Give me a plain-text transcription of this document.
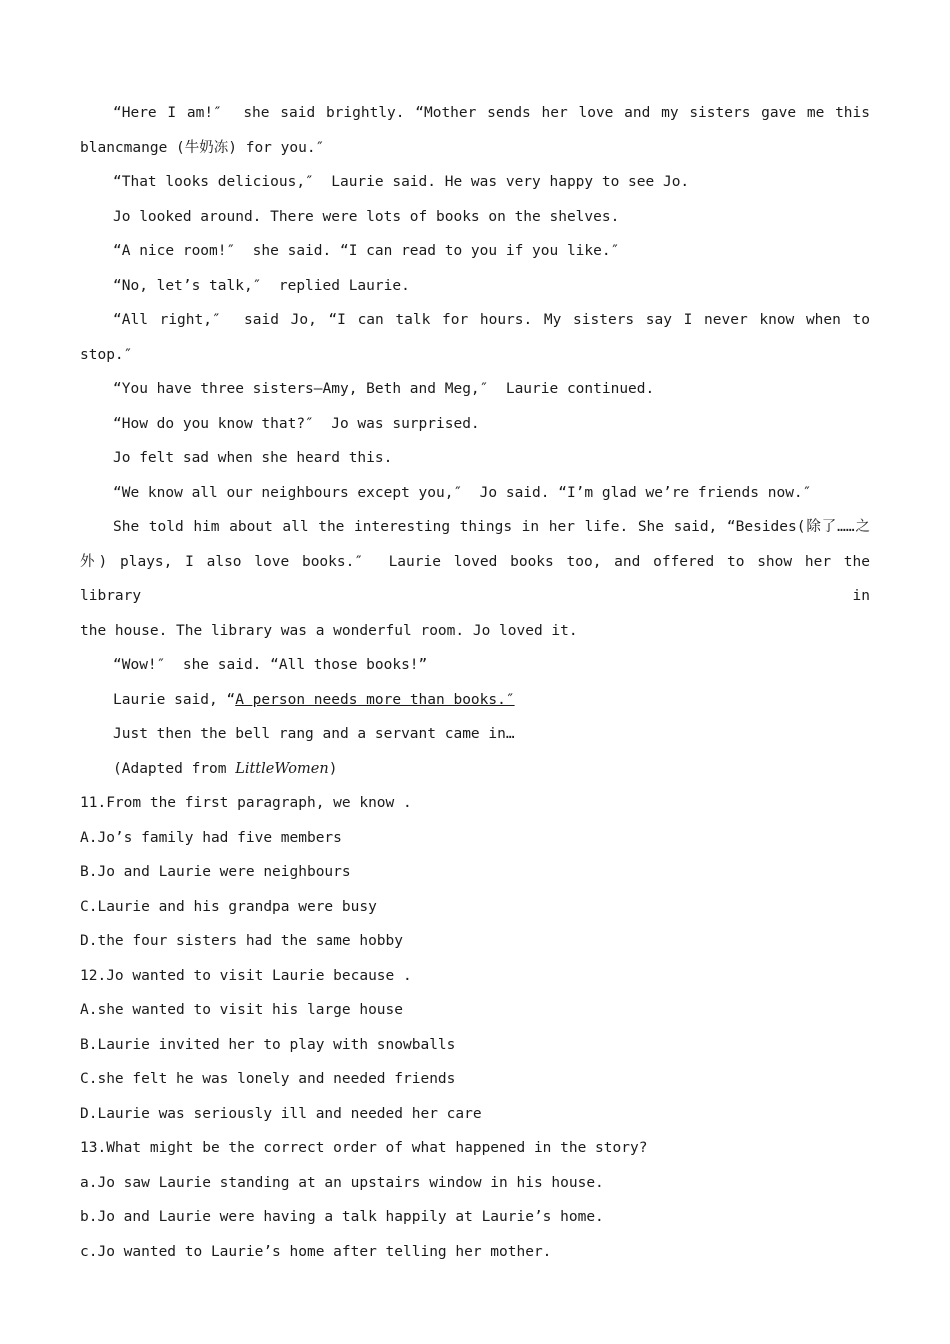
“Here I am!″  she said brightly. “Mother sends her love and my sisters gave me this

blancmange (牛奶冻) for you.″

“That looks delicious,″  Laurie said. He was very happy to see Jo.

Jo looked around. There were lots of books on the shelves.

“A nice room!″  she said. “I can read to you if you like.″

“No, let’s talk,″  replied Laurie.

“All right,″  said Jo, “I can talk for hours. My sisters say I never know when to

stop.″

“You have three sisters—Amy, Beth and Meg,″  Laurie continued.

“How do you know that?″  Jo was surprised.

Jo felt sad when she heard this.

“We know all our neighbours except you,″  Jo said. “I’m glad we’re friends now.″

She told him about all the interesting things in her life. She said, “Besides(除了……之

外) plays, I also love books.″  Laurie loved books too, and offered to show her the library in

the house. The library was a wonderful room. Jo loved it.

“Wow!″  she said. “All those books!”

Laurie said, “A person needs more than books.″

Just then the bell rang and a servant came in…

(Adapted from LittleWomen)

11.From the first paragraph, we know .

A.Jo’s family had five members

B.Jo and Laurie were neighbours

C.Laurie and his grandpa were busy

D.the four sisters had the same hobby

12.Jo wanted to visit Laurie because .

A.she wanted to visit his large house

B.Laurie invited her to play with snowballs

C.she felt he was lonely and needed friends

D.Laurie was seriously ill and needed her care

13.What might be the correct order of what happened in the story?

a.Jo saw Laurie standing at an upstairs window in his house.

b.Jo and Laurie were having a talk happily at Laurie’s home.

c.Jo wanted to Laurie’s home after telling her mother.
